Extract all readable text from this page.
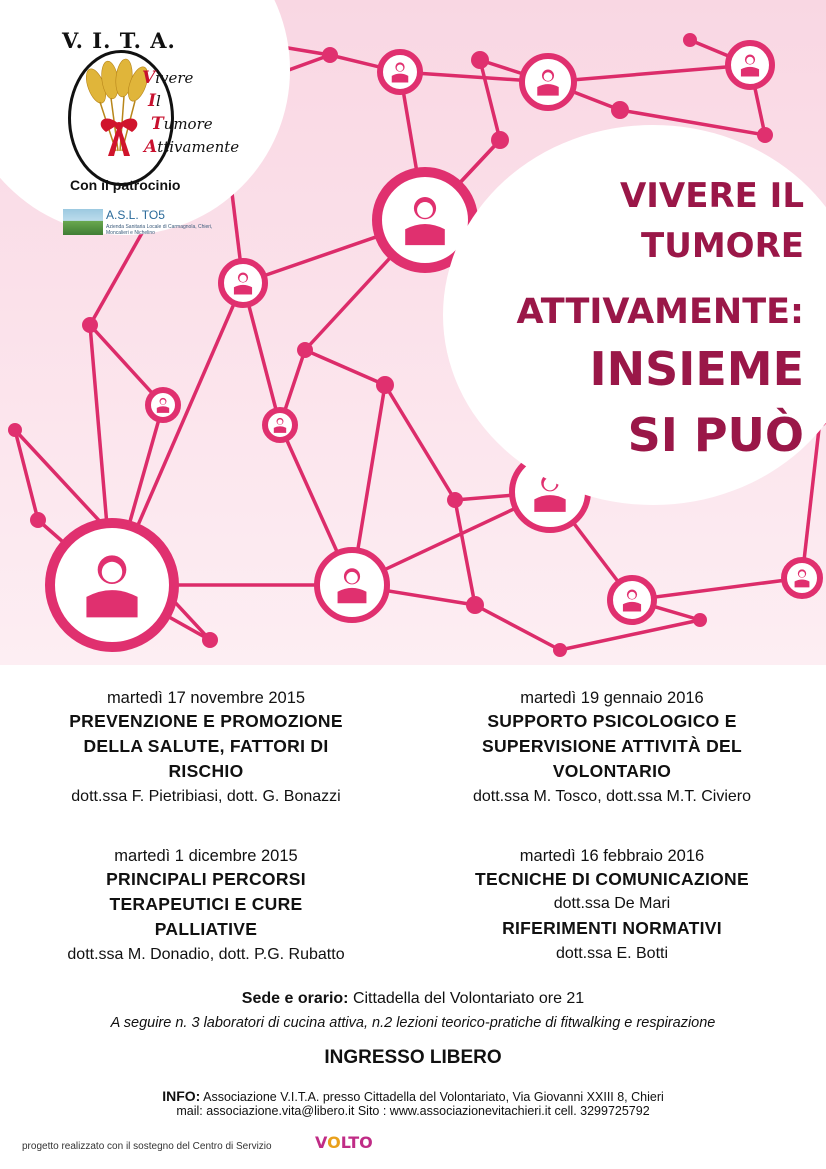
V. I. T. A.
Vivere
Il
Tumore
Attivamente
Con il patrocinio
A.S.L. TO5
Azienda Sanitaria Locale di Carmagnola, Chieri, Moncalieri e Nichelino
VIVERE IL
TUMORE
ATTIVAMENTE:
INSIEME
SI PUÒ
martedì 17 novembre 2015
PREVENZIONE E PROMOZIONE
DELLA SALUTE, FATTORI DI
RISCHIO
dott.ssa F. Pietribiasi, dott. G. Bonazzi
martedì 19 gennaio 2016
SUPPORTO PSICOLOGICO E
SUPERVISIONE ATTIVITÀ DEL
VOLONTARIO
dott.ssa M. Tosco, dott.ssa M.T. Civiero
martedì 1 dicembre 2015
PRINCIPALI PERCORSI
TERAPEUTICI E CURE
PALLIATIVE
dott.ssa M. Donadio, dott. P.G. Rubatto
martedì 16 febbraio 2016
TECNICHE DI COMUNICAZIONE
dott.ssa De Mari
RIFERIMENTI NORMATIVI
dott.ssa E. Botti
Sede e orario: Cittadella del Volontariato ore 21
A seguire n. 3 laboratori di cucina attiva, n.2 lezioni teorico-pratiche di fitwalking e respirazione
INGRESSO LIBERO
INFO: Associazione V.I.T.A. presso Cittadella del Volontariato, Via Giovanni XXIII 8, Chieri
mail: associazione.vita@libero.it Sito : www.associazionevitachieri.it cell. 3299725792
progetto realizzato con il sostegno del Centro di Servizio	VOLTO
